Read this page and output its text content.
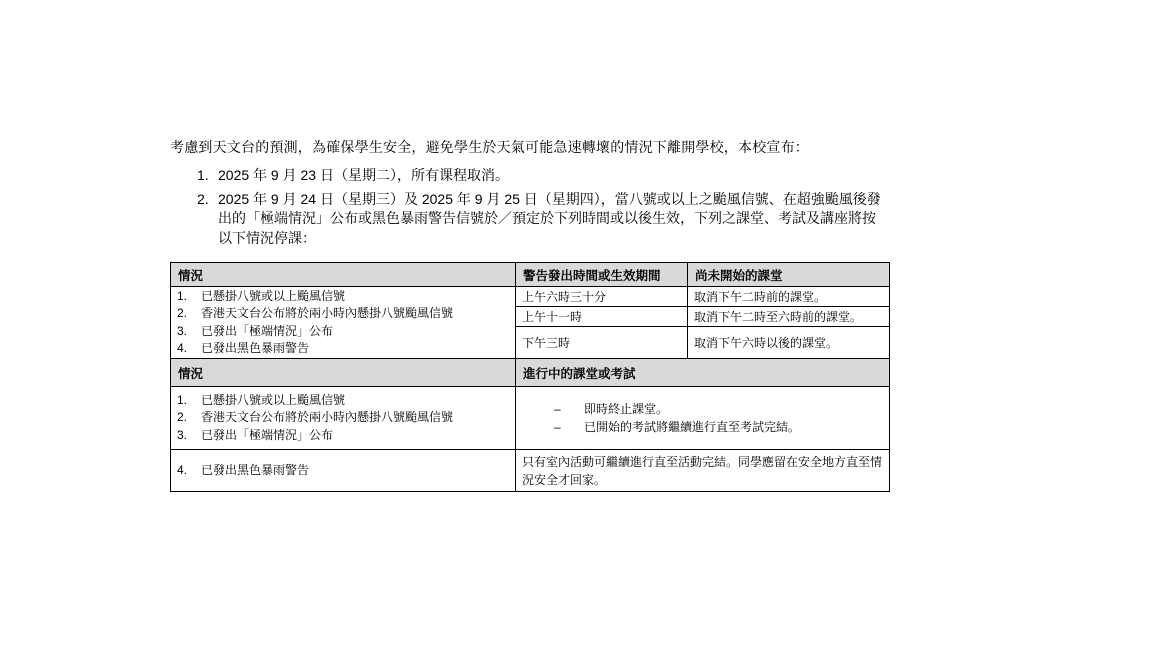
考慮到天文台的預測，為確保學生安全，避免學生於天氣可能急速轉壞的情況下離開學校，本校宣布：

1. 2025 年 9 月 23 日（星期二），所有课程取消。
2. 2025 年 9 月 24 日（星期三）及 2025 年 9 月 25 日（星期四），當八號或以上之颱風信號、在超強颱風後發出的「極端情況」公布或黑色暴雨警告信號於／預定於下列時間或以後生效，下列之課堂、考試及講座將按以下情況停課：
情況	警告發出時間或生效期間	尚未開始的課堂

1.	已懸掛八號或以上颱風信號
2.	香港天文台公布將於兩小時內懸掛八號颱風信號
3.	已發出「極端情況」公布
4.	已發出黑色暴雨警告
	上午六時三十分	取消下午二時前的課堂。
	上午十一時	取消下午二時至六時前的課堂。
	下午三時	取消下午六時以後的課堂。
情況	進行中的課堂或考試	

1.	已懸掛八號或以上颱風信號
2.	香港天文台公布將於兩小時內懸掛八號颱風信號
3.	已發出「極端情況」公布

–	即時終止課堂。
–	已開始的考試將繼續進行直至考試完結。

4. 已發出黑色暴雨警告	只有室內活動可繼續進行直至活動完結。同學應留在安全地方直至情況安全才回家。	
